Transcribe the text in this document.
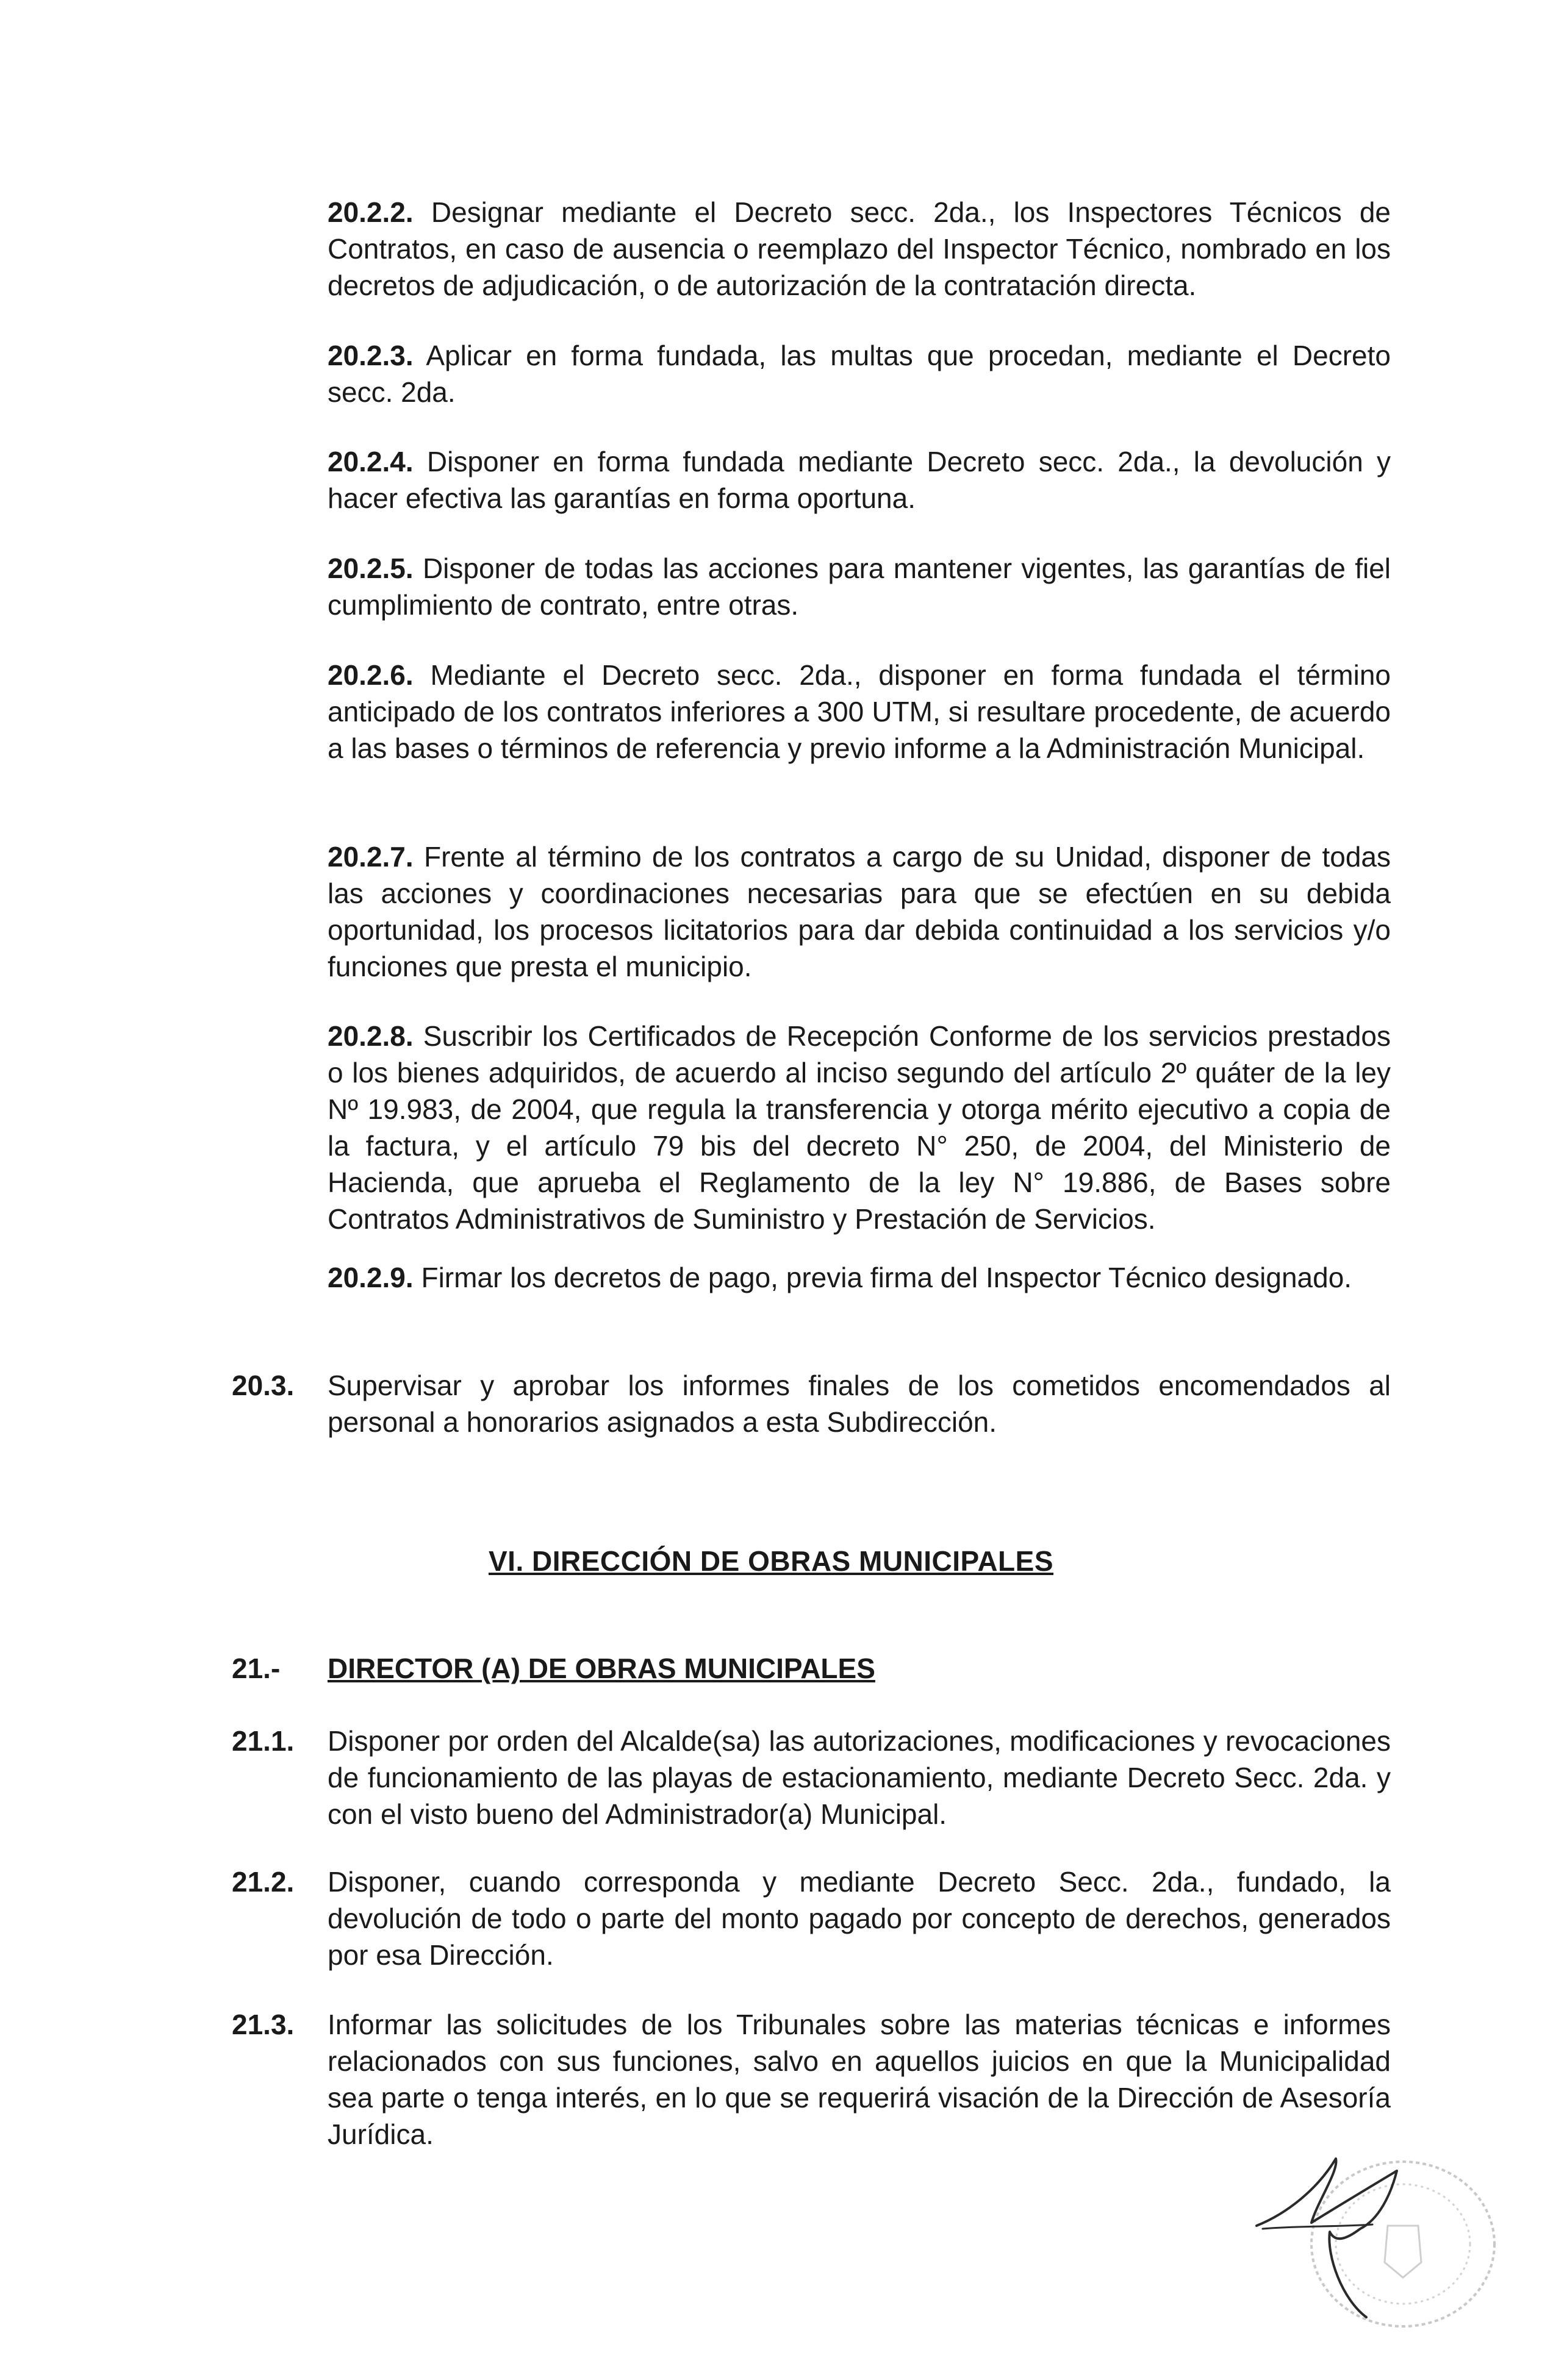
20.2.2. Designar mediante el Decreto secc. 2da., los Inspectores Técnicos de Contratos, en caso de ausencia o reemplazo del Inspector Técnico, nombrado en los decretos de adjudicación, o de autorización de la contratación directa.
20.2.3. Aplicar en forma fundada, las multas que procedan, mediante el Decreto secc. 2da.
20.2.4. Disponer en forma fundada mediante Decreto secc. 2da., la devolución y hacer efectiva las garantías en forma oportuna.
20.2.5. Disponer de todas las acciones para mantener vigentes, las garantías de fiel cumplimiento de contrato, entre otras.
20.2.6. Mediante el Decreto secc. 2da., disponer en forma fundada el término anticipado de los contratos inferiores a 300 UTM, si resultare procedente, de acuerdo a las bases o términos de referencia y previo informe a la Administración Municipal.
20.2.7. Frente al término de los contratos a cargo de su Unidad, disponer de todas las acciones y coordinaciones necesarias para que se efectúen en su debida oportunidad, los procesos licitatorios para dar debida continuidad a los servicios y/o funciones que presta el municipio.
20.2.8. Suscribir los Certificados de Recepción Conforme de los servicios prestados o los bienes adquiridos, de acuerdo al inciso segundo del artículo 2º quáter de la ley Nº 19.983, de 2004, que regula la transferencia y otorga mérito ejecutivo a copia de la factura, y el artículo 79 bis del decreto N° 250, de 2004, del Ministerio de Hacienda, que aprueba el Reglamento de la ley N° 19.886, de Bases sobre Contratos Administrativos de Suministro y Prestación de Servicios.
20.2.9. Firmar los decretos de pago, previa firma del Inspector Técnico designado.
20.3. Supervisar y aprobar los informes finales de los cometidos encomendados al personal a honorarios asignados a esta Subdirección.
VI. DIRECCIÓN DE OBRAS MUNICIPALES
21.- DIRECTOR (A) DE OBRAS MUNICIPALES
21.1. Disponer por orden del Alcalde(sa) las autorizaciones, modificaciones y revocaciones de funcionamiento de las playas de estacionamiento, mediante Decreto Secc. 2da. y con el visto bueno del Administrador(a) Municipal.
21.2. Disponer, cuando corresponda y mediante Decreto Secc. 2da., fundado, la devolución de todo o parte del monto pagado por concepto de derechos, generados por esa Dirección.
21.3. Informar las solicitudes de los Tribunales sobre las materias técnicas e informes relacionados con sus funciones, salvo en aquellos juicios en que la Municipalidad sea parte o tenga interés, en lo que se requerirá visación de la Dirección de Asesoría Jurídica.
